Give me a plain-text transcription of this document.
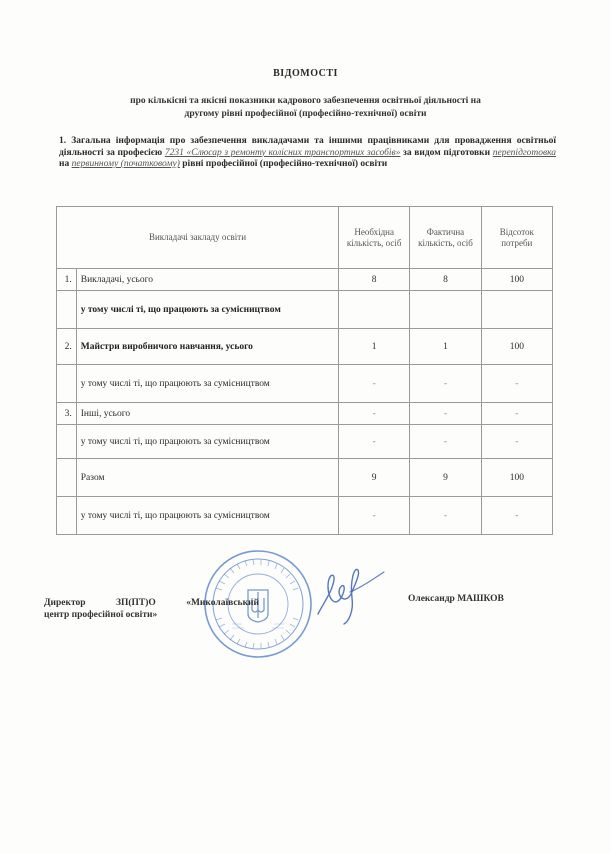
ВІДОМОСТІ
про кількісні та якісні показники кадрового забезпечення освітньої діяльності на
другому рівні професійної (професійно-технічної) освіти
1. Загальна інформація про забезпечення викладачами та іншими працівниками для провадження освітньої діяльності за професією 7231 «Слюсар з ремонту колісних транспортних засобів» за видом підготовки перепідготовка на первинному (початковому) рівні професійної (професійно-технічної) освіти
Викладачі закладу освіти		Необхідна кількість, осіб	Фактична кількість, осіб	Відсоток потреби
1.	Викладачі, усього	8	8	100
	у тому числі ті, що працюють за сумісництвом			
2.	Майстри виробничого навчання, усього	1	1	100
	у тому числі ті, що працюють за сумісництвом	-	-	-
3.	Інші, усього	-	-	-
	у тому числі ті, що працюють за сумісництвом	-	-	-
	Разом	9	9	100
	у тому числі ті, що працюють за сумісництвом	-	-	-
Директор	ЗП(ПТ)О	«Миколаївський
центр професійної освіти»
Олександр МАШКОВ
